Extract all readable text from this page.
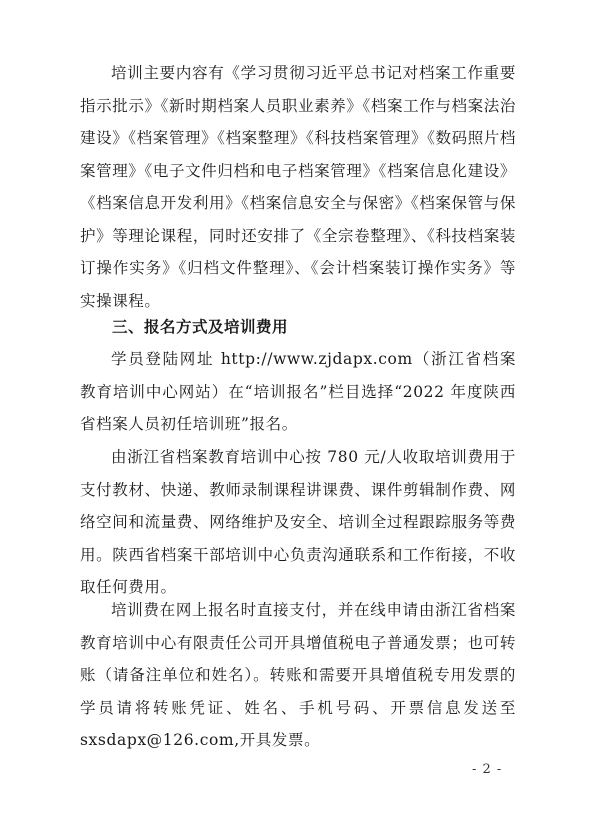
培训主要内容有《学习贯彻习近平总书记对档案工作重要指示批示》《新时期档案人员职业素养》《档案工作与档案法治建设》《档案管理》《档案整理》《科技档案管理》《数码照片档案管理》《电子文件归档和电子档案管理》《档案信息化建设》《档案信息开发利用》《档案信息安全与保密》《档案保管与保护》等理论课程，同时还安排了《全宗卷整理》、《科技档案装订操作实务》《归档文件整理》、《会计档案装订操作实务》等实操课程。

三、报名方式及培训费用

学员登陆网址 http://www.zjdapx.com（浙江省档案教育培训中心网站）在“培训报名”栏目选择“2022 年度陕西省档案人员初任培训班”报名。

由浙江省档案教育培训中心按 780 元/人收取培训费用于支付教材、快递、教师录制课程讲课费、课件剪辑制作费、网络空间和流量费、网络维护及安全、培训全过程跟踪服务等费用。陕西省档案干部培训中心负责沟通联系和工作衔接，不收取任何费用。

培训费在网上报名时直接支付，并在线申请由浙江省档案教育培训中心有限责任公司开具增值税电子普通发票；也可转账（请备注单位和姓名）。转账和需要开具增值税专用发票的学员请将转账凭证、姓名、手机号码、开票信息发送至 sxsdapx@126.com,开具发票。

- 2 -
